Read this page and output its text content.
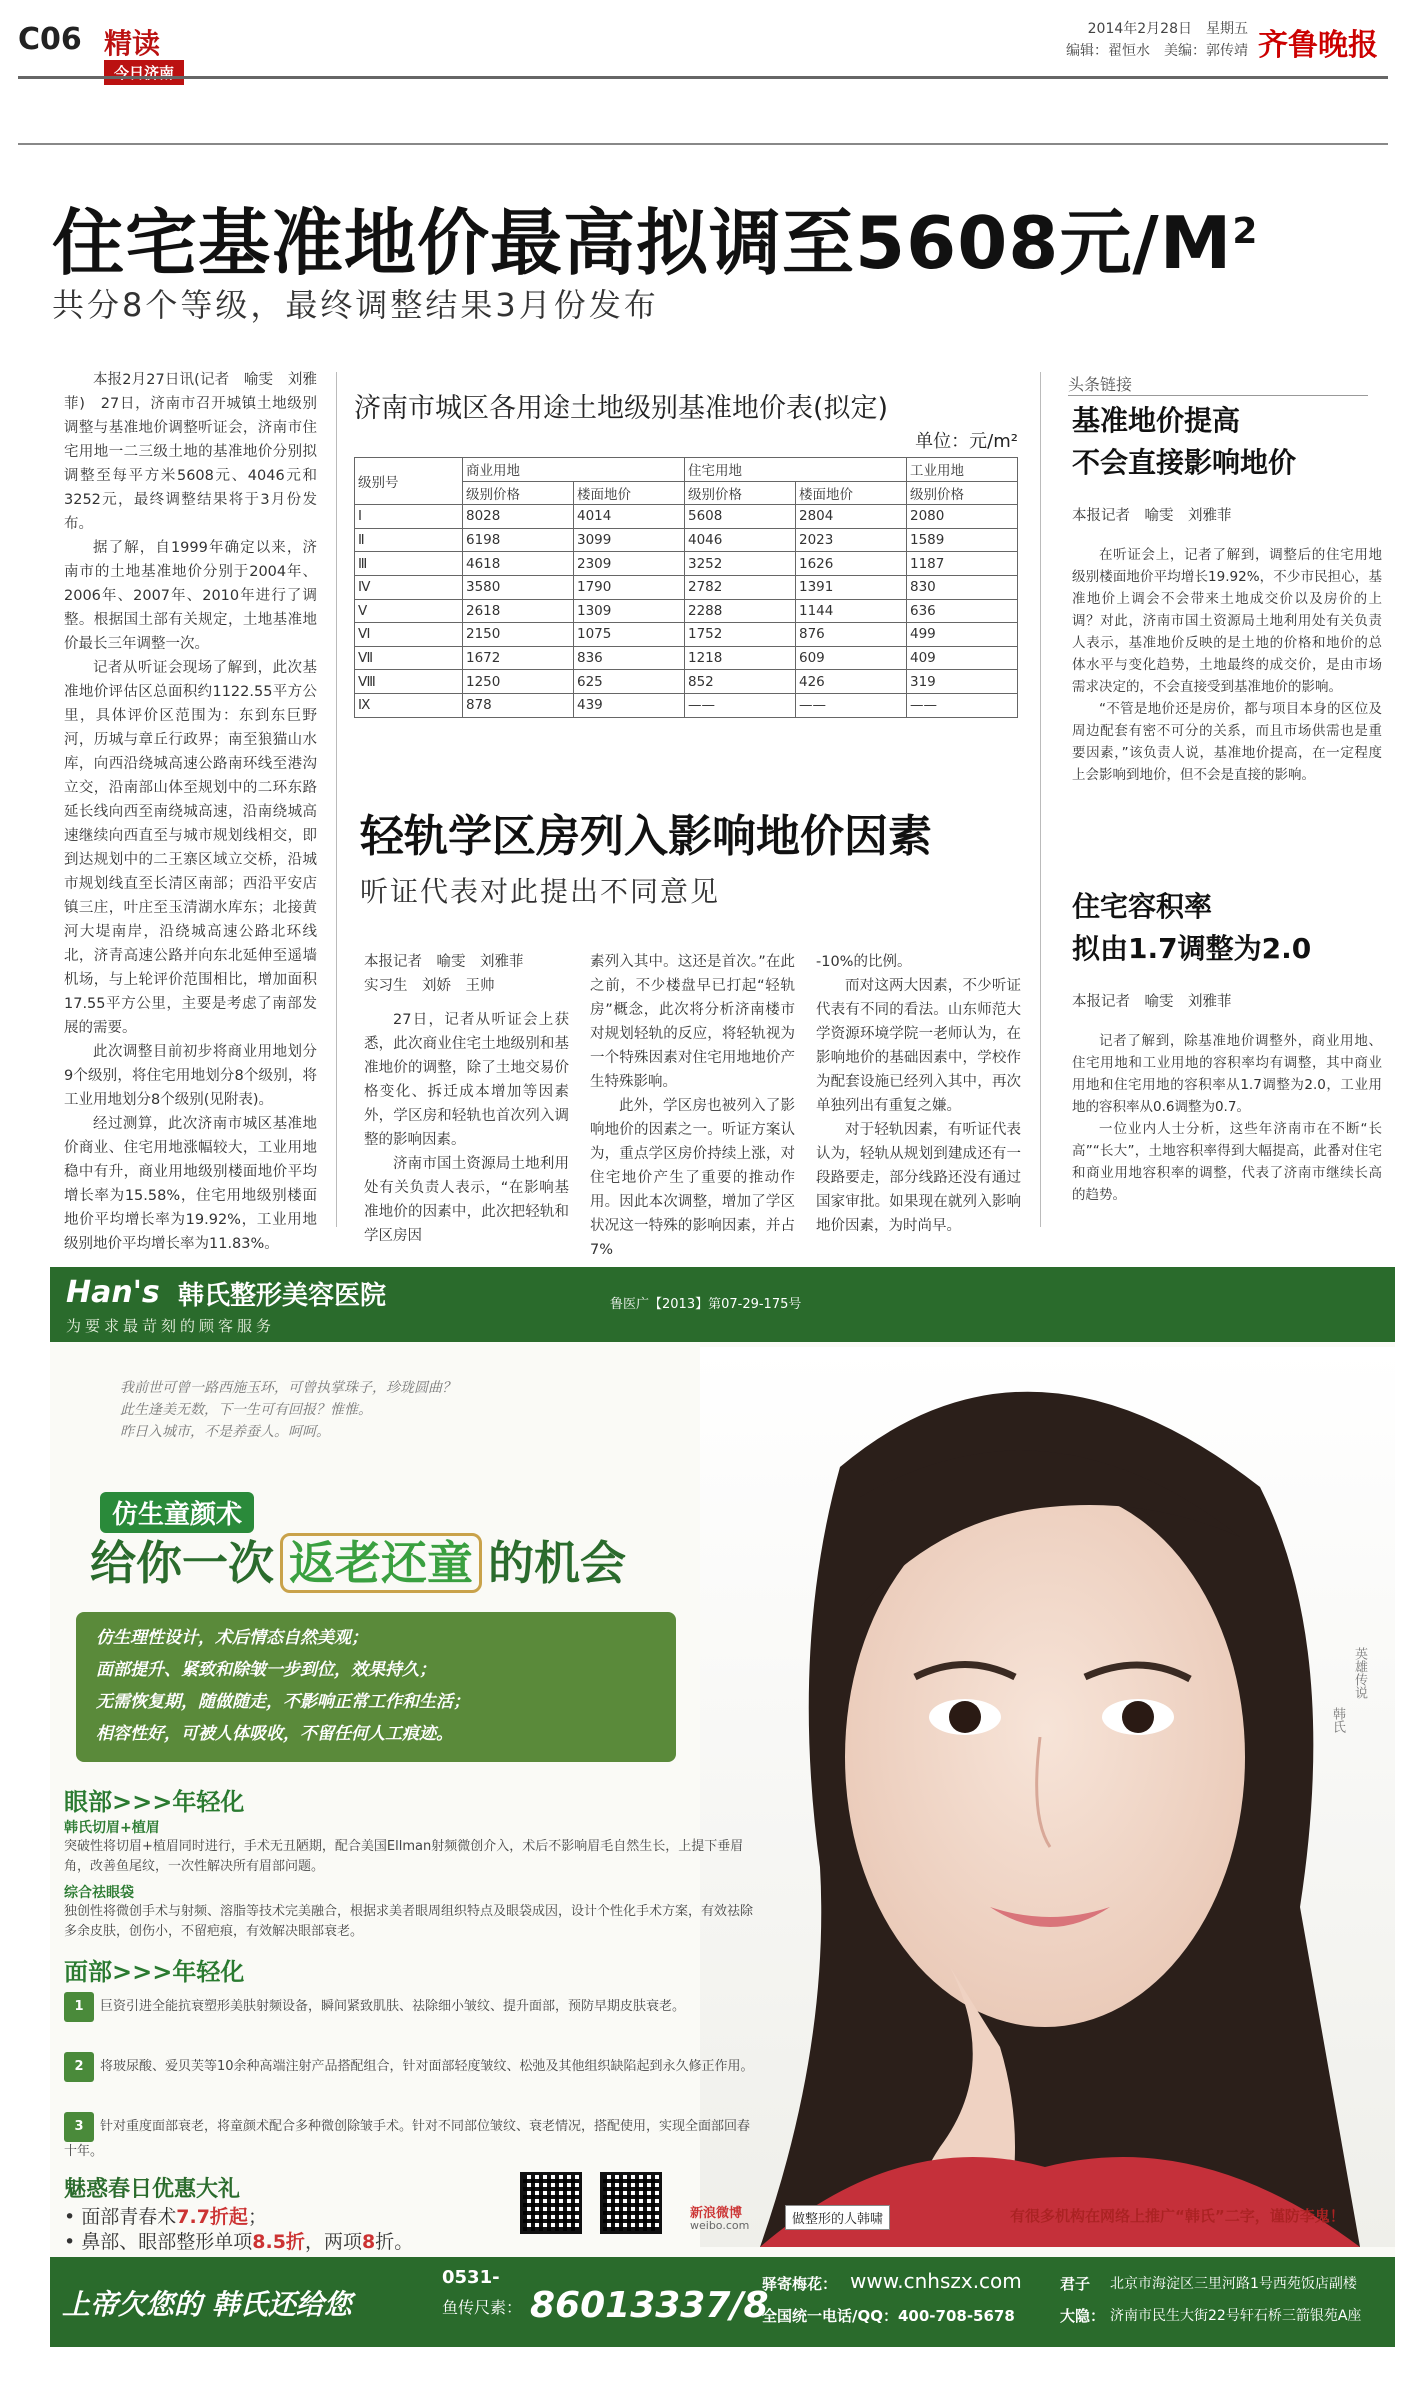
C06 精读
今日济南
2014年2月28日　星期五
编辑：翟恒水　美编：郭传靖 齐鲁晚报
住宅基准地价最高拟调至5608元$/M^2$
共分8个等级，最终调整结果3月份发布

本报2月27日讯(记者　喻雯　刘雅菲)　27日，济南市召开城镇土地级别调整与基准地价调整听证会，济南市住宅用地一二三级土地的基准地价分别拟调整至每平方米5608元、4046元和3252元，最终调整结果将于3月份发布。

据了解，自1999年确定以来，济南市的土地基准地价分别于2004年、2006年、2007年、2010年进行了调整。根据国土部有关规定，土地基准地价最长三年调整一次。

记者从听证会现场了解到，此次基准地价评估区总面积约1122.55平方公里，具体评价区范围为：东到东巨野河，历城与章丘行政界；南至狼猫山水库，向西沿绕城高速公路南环线至港沟立交，沿南部山体至规划中的二环东路延长线向西至南绕城高速，沿南绕城高速继续向西直至与城市规划线相交，即到达规划中的二王寨区域立交桥，沿城市规划线直至长清区南部；西沿平安店镇三庄，叶庄至玉清湖水库东；北接黄河大堤南岸，沿绕城高速公路北环线北，济青高速公路并向东北延伸至遥墙机场，与上轮评价范围相比，增加面积17.55平方公里，主要是考虑了南部发展的需要。

此次调整目前初步将商业用地划分9个级别，将住宅用地划分8个级别，将工业用地划分8个级别(见附表)。

经过测算，此次济南市城区基准地价商业、住宅用地涨幅较大，工业用地稳中有升，商业用地级别楼面地价平均增长率为15.58%，住宅用地级别楼面地价平均增长率为19.92%，工业用地级别地价平均增长率为11.83%。

济南市城区各用途土地级别基准地价表(拟定)
单位：元/m²
级别号	商业用地		住宅用地		工业用地
	级别价格	楼面地价	级别价格	楼面地价	级别价格
Ⅰ	8028	4014	5608	2804	2080
Ⅱ	6198	3099	4046	2023	1589
Ⅲ	4618	2309	3252	1626	1187
Ⅳ	3580	1790	2782	1391	830
Ⅴ	2618	1309	2288	1144	636
Ⅵ	2150	1075	1752	876	499
Ⅶ	1672	836	1218	609	409
Ⅷ	1250	625	852	426	319
Ⅸ	878	439	——	——	——
轻轨学区房列入影响地价因素
听证代表对此提出不同意见
本报记者　喻雯　刘雅菲
实习生　刘娇　王帅

27日，记者从听证会上获悉，此次商业住宅土地级别和基准地价的调整，除了土地交易价格变化、拆迁成本增加等因素外，学区房和轻轨也首次列入调整的影响因素。

济南市国土资源局土地利用处有关负责人表示，“在影响基准地价的因素中，此次把轻轨和学区房因

素列入其中。这还是首次。”在此之前，不少楼盘早已打起“轻轨房”概念，此次将分析济南楼市对规划轻轨的反应，将轻轨视为一个特殊因素对住宅用地地价产生特殊影响。

此外，学区房也被列入了影响地价的因素之一。听证方案认为，重点学区房价持续上涨，对住宅地价产生了重要的推动作用。因此本次调整，增加了学区状况这一特殊的影响因素，并占7%

-10%的比例。

而对这两大因素，不少听证代表有不同的看法。山东师范大学资源环境学院一老师认为，在影响地价的基础因素中，学校作为配套设施已经列入其中，再次单独列出有重复之嫌。

对于轻轨因素，有听证代表认为，轻轨从规划到建成还有一段路要走，部分线路还没有通过国家审批。如果现在就列入影响地价因素，为时尚早。

头条链接
基准地价提高
不会直接影响地价
本报记者　喻雯　刘雅菲

在听证会上，记者了解到，调整后的住宅用地级别楼面地价平均增长19.92%，不少市民担心，基准地价上调会不会带来土地成交价以及房价的上调？对此，济南市国土资源局土地利用处有关负责人表示，基准地价反映的是土地的价格和地价的总体水平与变化趋势，土地最终的成交价，是由市场需求决定的，不会直接受到基准地价的影响。

“不管是地价还是房价，都与项目本身的区位及周边配套有密不可分的关系，而且市场供需也是重要因素，”该负责人说，基准地价提高，在一定程度上会影响到地价，但不会是直接的影响。

住宅容积率
拟由1.7调整为2.0
本报记者　喻雯　刘雅菲

记者了解到，除基准地价调整外，商业用地、住宅用地和工业用地的容积率均有调整，其中商业用地和住宅用地的容积率从1.7调整为2.0，工业用地的容积率从0.6调整为0.7。

一位业内人士分析，这些年济南市在不断“长高”“长大”，土地容积率得到大幅提高，此番对住宅和商业用地容积率的调整，代表了济南市继续长高的趋势。

Han's 韩氏整形美容医院
为要求最苛刻的顾客服务
鲁医广【2013】第07-29-175号
我前世可曾一路西施玉环，可曾执掌珠子，珍珑圆曲？
此生逢美无数，下一生可有回报？惟惟。
昨日入城市，不是养蚕人。呵呵。
仿生童颜术
给你一次 返老还童 的机会
仿生理性设计，术后情态自然美观；
面部提升、紧致和除皱一步到位，效果持久；
无需恢复期，随做随走，不影响正常工作和生活；
相容性好，可被人体吸收，不留任何人工痕迹。
眼部>>>年轻化
韩氏切眉+植眉
突破性将切眉+植眉同时进行，手术无丑陋期，配合美国Ellman射频微创介入，术后不影响眉毛自然生长，上提下垂眉角，改善鱼尾纹，一次性解决所有眉部问题。
综合祛眼袋
独创性将微创手术与射频、溶脂等技术完美融合，根据求美者眼周组织特点及眼袋成因，设计个性化手术方案，有效祛除多余皮肤，创伤小，不留疤痕，有效解决眼部衰老。
面部>>>年轻化
1 巨资引进全能抗衰塑形美肤射频设备，瞬间紧致肌肤、祛除细小皱纹、提升面部，预防早期皮肤衰老。
2 将玻尿酸、爱贝芙等10余种高端注射产品搭配组合，针对面部轻度皱纹、松弛及其他组织缺陷起到永久修正作用。
3 针对重度面部衰老，将童颜术配合多种微创除皱手术。针对不同部位皱纹、衰老情况，搭配使用，实现全面部回春十年。
魅惑春日优惠大礼
• 面部青春术7.7折起；
• 鼻部、眼部整形单项8.5折，两项8折。
新浪微博
weibo.com	做整形的人韩啸	有很多机构在网络上推广“韩氏”二字，谨防李鬼！
英雄传说
韩氏
上帝欠您的 韩氏还给您
0531-
鱼传尺素： 86013337/8
驿寄梅花： www.cnhszx.com
全国统一电话/QQ：400-708-5678
君子 北京市海淀区三里河路1号西苑饭店副楼
大隐： 济南市民生大街22号轩石桥三箭银苑A座
